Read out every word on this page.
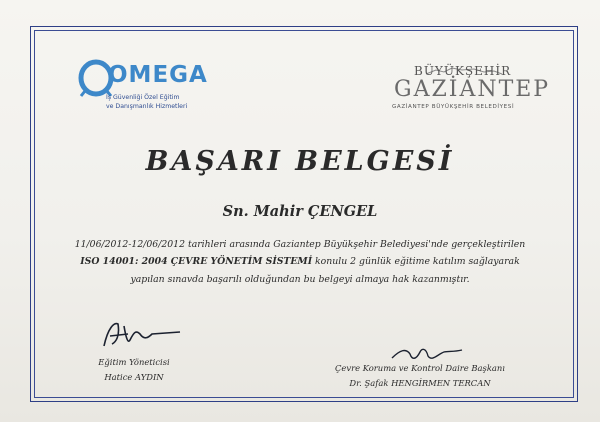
OMEGA
İş Güvenliği Özel Eğitim
ve Danışmanlık Hizmetleri
BÜYÜKŞEHİR
GAZİANTEP
GAZİANTEP BÜYÜKŞEHİR BELEDİYESİ
BAŞARI BELGESİ
Sn. Mahir ÇENGEL
11/06/2012-12/06/2012 tarihleri arasında Gaziantep Büyükşehir Belediyesi'nde gerçekleştirilen
ISO 14001: 2004 ÇEVRE YÖNETİM SİSTEMİ konulu 2 günlük eğitime katılım sağlayarak
yapılan sınavda başarılı olduğundan bu belgeyi almaya hak kazanmıştır.
Eğitim Yöneticisi
Hatice AYDIN
Çevre Koruma ve Kontrol Daire Başkanı
Dr. Şafak HENGİRMEN TERCAN
